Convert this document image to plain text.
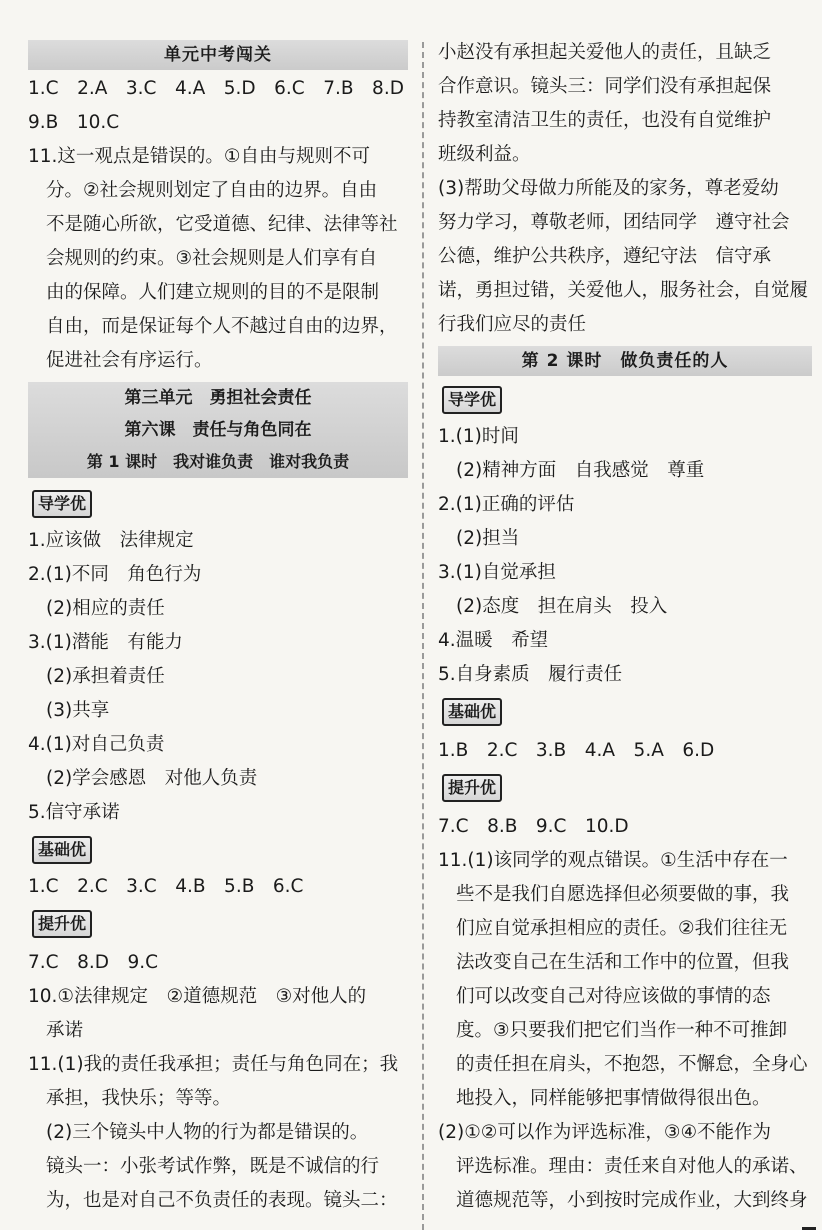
单元中考闯关
1.C　2.A　3.C　4.A　5.D　6.C　7.B　8.D
9.B　10.C
11.这一观点是错误的。①自由与规则不可
分。②社会规则划定了自由的边界。自由
不是随心所欲，它受道德、纪律、法律等社
会规则的约束。③社会规则是人们享有自
由的保障。人们建立规则的目的不是限制
自由，而是保证每个人不越过自由的边界，
促进社会有序运行。
第三单元　勇担社会责任
第六课　责任与角色同在
第 1 课时　我对谁负责　谁对我负责
导学优
1.应该做　法律规定
2.(1)不同　角色行为
(2)相应的责任
3.(1)潜能　有能力
(2)承担着责任
(3)共享
4.(1)对自己负责
(2)学会感恩　对他人负责
5.信守承诺
基础优
1.C　2.C　3.C　4.B　5.B　6.C
提升优
7.C　8.D　9.C
10.①法律规定　②道德规范　③对他人的
承诺
11.(1)我的责任我承担；责任与角色同在；我
承担，我快乐；等等。
(2)三个镜头中人物的行为都是错误的。
镜头一：小张考试作弊，既是不诚信的行
为，也是对自己不负责任的表现。镜头二：
小赵没有承担起关爱他人的责任，且缺乏
合作意识。镜头三：同学们没有承担起保
持教室清洁卫生的责任，也没有自觉维护
班级利益。
(3)帮助父母做力所能及的家务，尊老爱幼
努力学习，尊敬老师，团结同学　遵守社会
公德，维护公共秩序，遵纪守法　信守承
诺，勇担过错，关爱他人，服务社会，自觉履
行我们应尽的责任
第 2 课时　做负责任的人
导学优
1.(1)时间
(2)精神方面　自我感觉　尊重
2.(1)正确的评估
(2)担当
3.(1)自觉承担
(2)态度　担在肩头　投入
4.温暖　希望
5.自身素质　履行责任
基础优
1.B　2.C　3.B　4.A　5.A　6.D
提升优
7.C　8.B　9.C　10.D
11.(1)该同学的观点错误。①生活中存在一
些不是我们自愿选择但必须要做的事，我
们应自觉承担相应的责任。②我们往往无
法改变自己在生活和工作中的位置，但我
们可以改变自己对待应该做的事情的态
度。③只要我们把它们当作一种不可推卸
的责任担在肩头，不抱怨，不懈怠，全身心
地投入，同样能够把事情做得很出色。
(2)①②可以作为评选标准，③④不能作为
评选标准。理由：责任来自对他人的承诺、
道德规范等，小到按时完成作业，大到终身
